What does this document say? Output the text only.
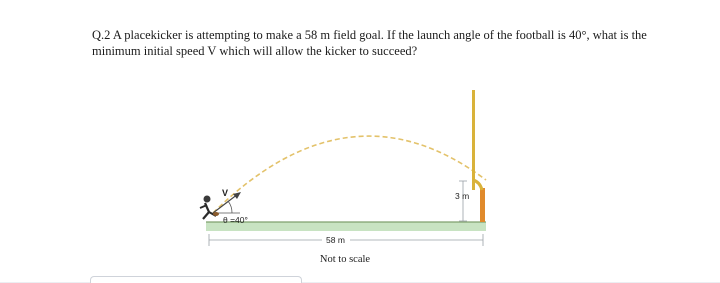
Q.2 A placekicker is attempting to make a 58 m field goal. If the launch angle of the football is 40°, what is the minimum initial speed V which will allow the kicker to succeed?

V
θ =40°
3 m
58 m
Not to scale
